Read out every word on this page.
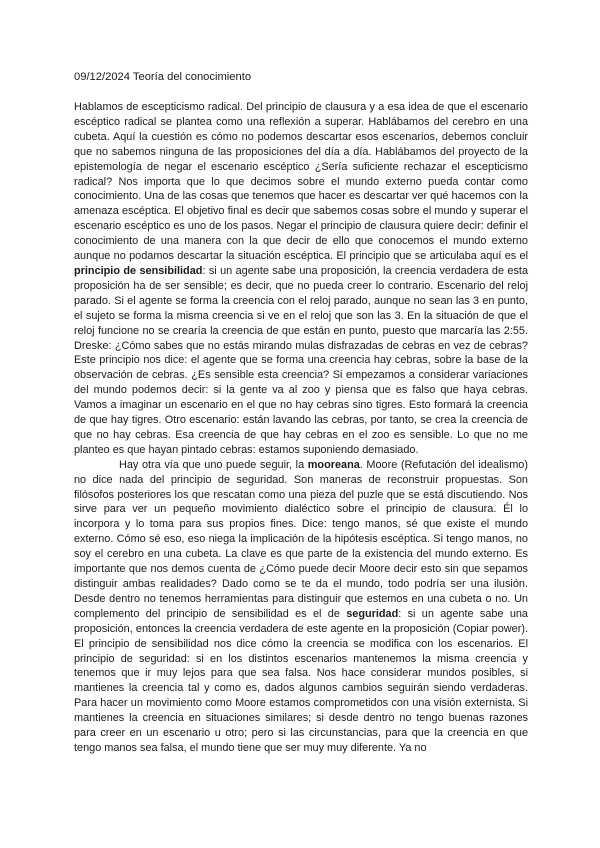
09/12/2024 Teoría del conocimiento

Hablamos de escepticismo radical. Del principio de clausura y a esa idea de que el escenario escéptico radical se plantea como una reflexión a superar. Hablábamos del cerebro en una cubeta. Aquí la cuestión es cómo no podemos descartar esos escenarios, debemos concluir que no sabemos ninguna de las proposiciones del día a día. Hablábamos del proyecto de la epistemología de negar el escenario escéptico ¿Sería suficiente rechazar el escepticismo radical? Nos importa que lo que decimos sobre el mundo externo pueda contar como conocimiento. Una de las cosas que tenemos que hacer es descartar ver qué hacemos con la amenaza escéptica. El objetivo final es decir que sabemos cosas sobre el mundo y superar el escenario escéptico es uno de los pasos. Negar el principio de clausura quiere decir: definir el conocimiento de una manera con la que decir de ello que conocemos el mundo externo aunque no podamos descartar la situación escéptica. El principio que se articulaba aquí es el principio de sensibilidad: si un agente sabe una proposición, la creencia verdadera de esta proposición ha de ser sensible; es decir, que no pueda creer lo contrario. Escenario del reloj parado. Si el agente se forma la creencia con el reloj parado, aunque no sean las 3 en punto, el sujeto se forma la misma creencia si ve en el reloj que son las 3. En la situación de que el reloj funcione no se crearía la creencia de que están en punto, puesto que marcaría las 2:55. Dreske: ¿Cómo sabes que no estás mirando mulas disfrazadas de cebras en vez de cebras? Este principio nos dice: el agente que se forma una creencia hay cebras, sobre la base de la observación de cebras. ¿Es sensible esta creencia? Si empezamos a considerar variaciones del mundo podemos decir: si la gente va al zoo y piensa que es falso que haya cebras. Vamos a imaginar un escenario en el que no hay cebras sino tigres. Esto formará la creencia de que hay tigres. Otro escenario: están lavando las cebras, por tanto, se crea la creencia de que no hay cebras. Esa creencia de que hay cebras en el zoo es sensible. Lo que no me planteo es que hayan pintado cebras: estamos suponiendo demasiado.

Hay otra vía que uno puede seguir, la mooreana. Moore (Refutación del idealismo) no dice nada del principio de seguridad. Son maneras de reconstruir propuestas. Son filósofos posteriores los que rescatan como una pieza del puzle que se está discutiendo. Nos sirve para ver un pequeño movimiento dialéctico sobre el principio de clausura. Él lo incorpora y lo toma para sus propios fines. Dice: tengo manos, sé que existe el mundo externo. Cómo sé eso, eso niega la implicación de la hipótesis escéptica. Si tengo manos, no soy el cerebro en una cubeta. La clave es que parte de la existencia del mundo externo. Es importante que nos demos cuenta de ¿Cómo puede decir Moore decir esto sin que sepamos distinguir ambas realidades? Dado como se te da el mundo, todo podría ser una ilusión. Desde dentro no tenemos herramientas para distinguir que estemos en una cubeta o no. Un complemento del principio de sensibilidad es el de seguridad: si un agente sabe una proposición, entonces la creencia verdadera de este agente en la proposición (Copiar power). El principio de sensibilidad nos dice cómo la creencia se modifica con los escenarios. El principio de seguridad: si en los distintos escenarios mantenemos la misma creencia y tenemos que ir muy lejos para que sea falsa. Nos hace considerar mundos posibles, si mantienes la creencia tal y como es, dados algunos cambios seguirán siendo verdaderas. Para hacer un movimiento como Moore estamos comprometidos con una visión externista. Si mantienes la creencia en situaciones similares; si desde dentro no tengo buenas razones para creer en un escenario u otro; pero si las circunstancias, para que la creencia en que tengo manos sea falsa, el mundo tiene que ser muy muy diferente. Ya no
